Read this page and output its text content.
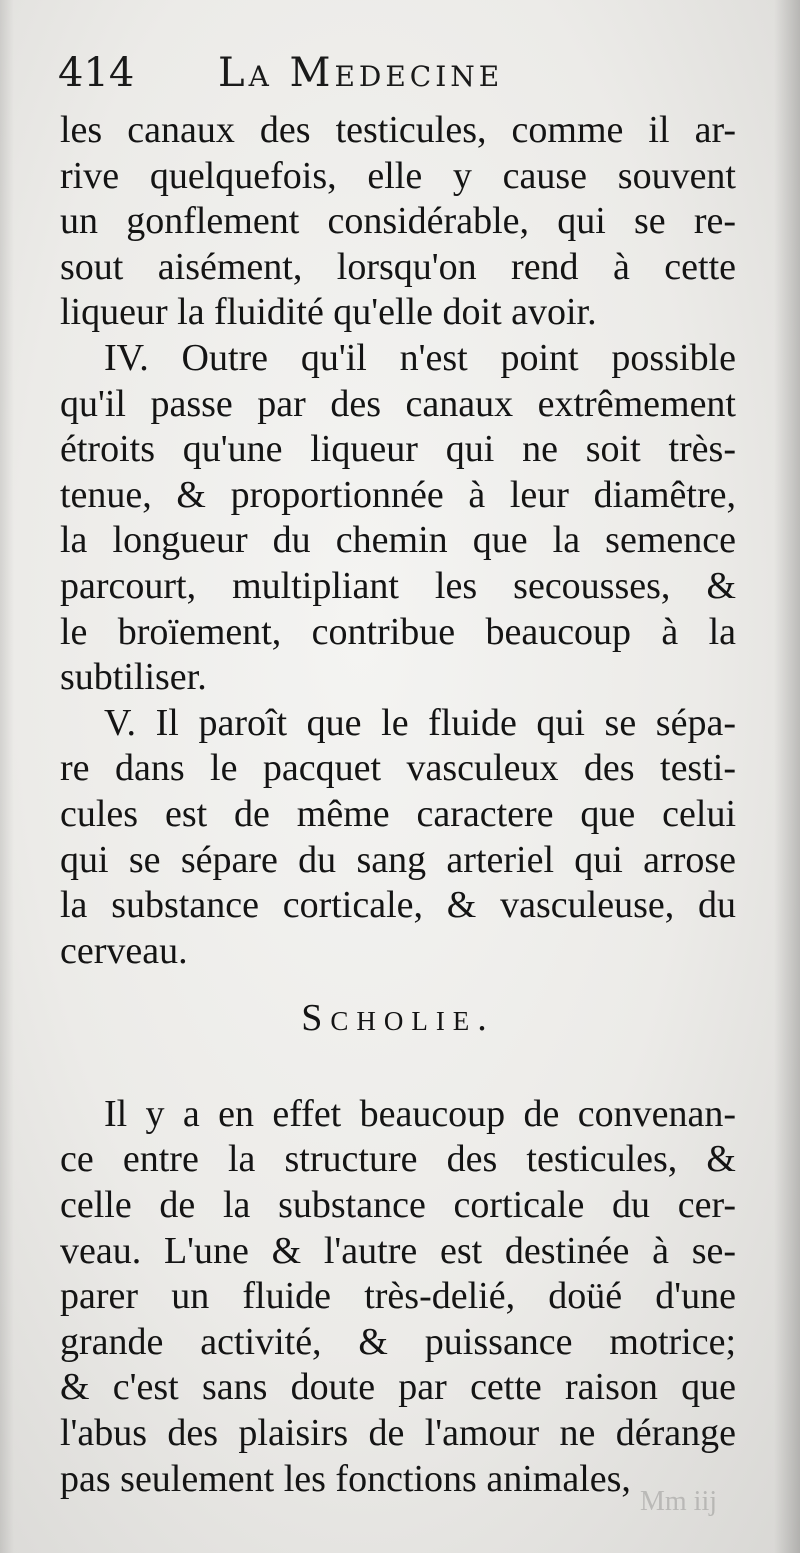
414 La Medecine
les canaux des testicules, comme il ar-
rive quelquefois, elle y cause souvent
un gonflement considérable, qui se re-
sout aisément, lorsqu'on rend à cette
liqueur la fluidité qu'elle doit avoir.
IV. Outre qu'il n'est point possible
qu'il passe par des canaux extrêmement
étroits qu'une liqueur qui ne soit très-
tenue, & proportionnée à leur diamêtre,
la longueur du chemin que la semence
parcourt, multipliant les secousses, &
le broïement, contribue beaucoup à la
subtiliser.
V. Il paroît que le fluide qui se sépa-
re dans le pacquet vasculeux des testi-
cules est de même caractere que celui
qui se sépare du sang arteriel qui arrose
la substance corticale, & vasculeuse, du
cerveau.
Scholie.
Il y a en effet beaucoup de convenan-
ce entre la structure des testicules, &
celle de la substance corticale du cer-
veau. L'une & l'autre est destinée à se-
parer un fluide très-delié, doüé d'une
grande activité, & puissance motrice;
& c'est sans doute par cette raison que
l'abus des plaisirs de l'amour ne dérange
pas seulement les fonctions animales,
Mm iij
